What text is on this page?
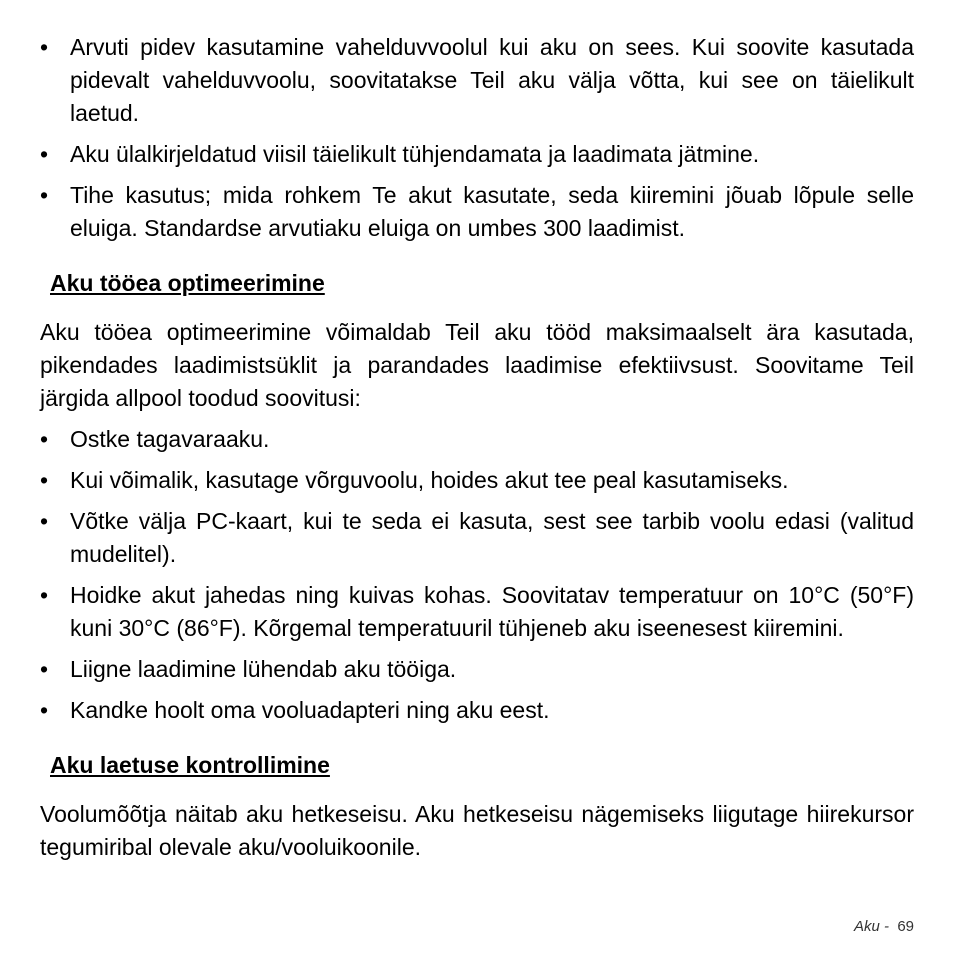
• Arvuti pidev kasutamine vahelduvvoolul kui aku on sees. Kui soovite kasutada pidevalt vahelduvvoolu, soovitatakse Teil aku välja võtta, kui see on täielikult laetud.
• Aku ülalkirjeldatud viisil täielikult tühjendamata ja laadimata jätmine.
• Tihe kasutus; mida rohkem Te akut kasutate, seda kiiremini jõuab lõpule selle eluiga. Standardse arvutiaku eluiga on umbes 300 laadimist.
Aku tööea optimeerimine

Aku tööea optimeerimine võimaldab Teil aku tööd maksimaalselt ära kasutada, pikendades laadimistsüklit ja parandades laadimise efektiivsust. Soovitame Teil järgida allpool toodud soovitusi:

• Ostke tagavaraaku.
• Kui võimalik, kasutage võrguvoolu, hoides akut tee peal kasutamiseks.
• Võtke välja PC-kaart, kui te seda ei kasuta, sest see tarbib voolu edasi (valitud mudelitel).
• Hoidke akut jahedas ning kuivas kohas. Soovitatav temperatuur on 10°C (50°F) kuni 30°C (86°F). Kõrgemal temperatuuril tühjeneb aku iseenesest kiiremini.
• Liigne laadimine lühendab aku tööiga.
• Kandke hoolt oma vooluadapteri ning aku eest.
Aku laetuse kontrollimine

Voolumõõtja näitab aku hetkeseisu. Aku hetkeseisu nägemiseks liigutage hiirekursor tegumiribal olevale aku/vooluikoonile.

Aku - 69
